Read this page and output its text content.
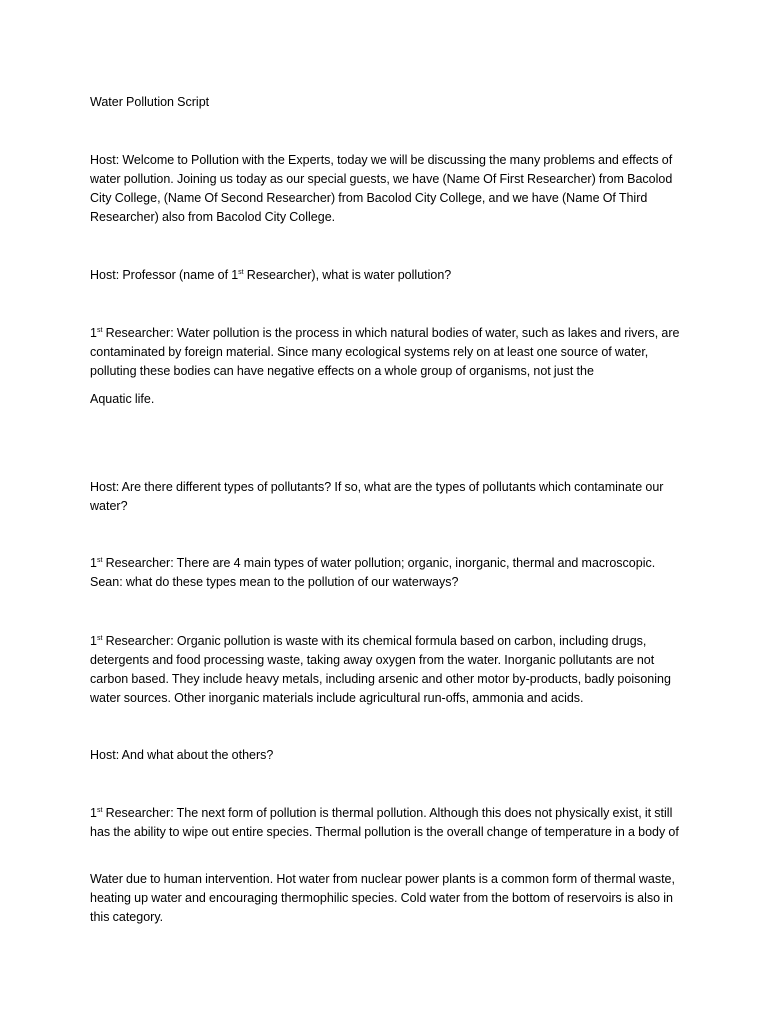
Water Pollution Script

Host: Welcome to Pollution with the Experts, today we will be discussing the many problems and effects of water pollution. Joining us today as our special guests, we have (Name Of First Researcher) from Bacolod City College, (Name Of Second Researcher) from Bacolod City College, and we have (Name Of Third Researcher) also from Bacolod City College.

Host: Professor (name of 1st Researcher), what is water pollution?

1st Researcher: Water pollution is the process in which natural bodies of water, such as lakes and rivers, are contaminated by foreign material. Since many ecological systems rely on at least one source of water, polluting these bodies can have negative effects on a whole group of organisms, not just the

Aquatic life.

Host: Are there different types of pollutants? If so, what are the types of pollutants which contaminate our water?

1st Researcher: There are 4 main types of water pollution; organic, inorganic, thermal and macroscopic. Sean: what do these types mean to the pollution of our waterways?

1st Researcher: Organic pollution is waste with its chemical formula based on carbon, including drugs, detergents and food processing waste, taking away oxygen from the water. Inorganic pollutants are not carbon based. They include heavy metals, including arsenic and other motor by-products, badly poisoning water sources. Other inorganic materials include agricultural run-offs, ammonia and acids.

Host: And what about the others?

1st Researcher: The next form of pollution is thermal pollution. Although this does not physically exist, it still has the ability to wipe out entire species. Thermal pollution is the overall change of temperature in a body of

Water due to human intervention. Hot water from nuclear power plants is a common form of thermal waste, heating up water and encouraging thermophilic species. Cold water from the bottom of reservoirs is also in this category.
